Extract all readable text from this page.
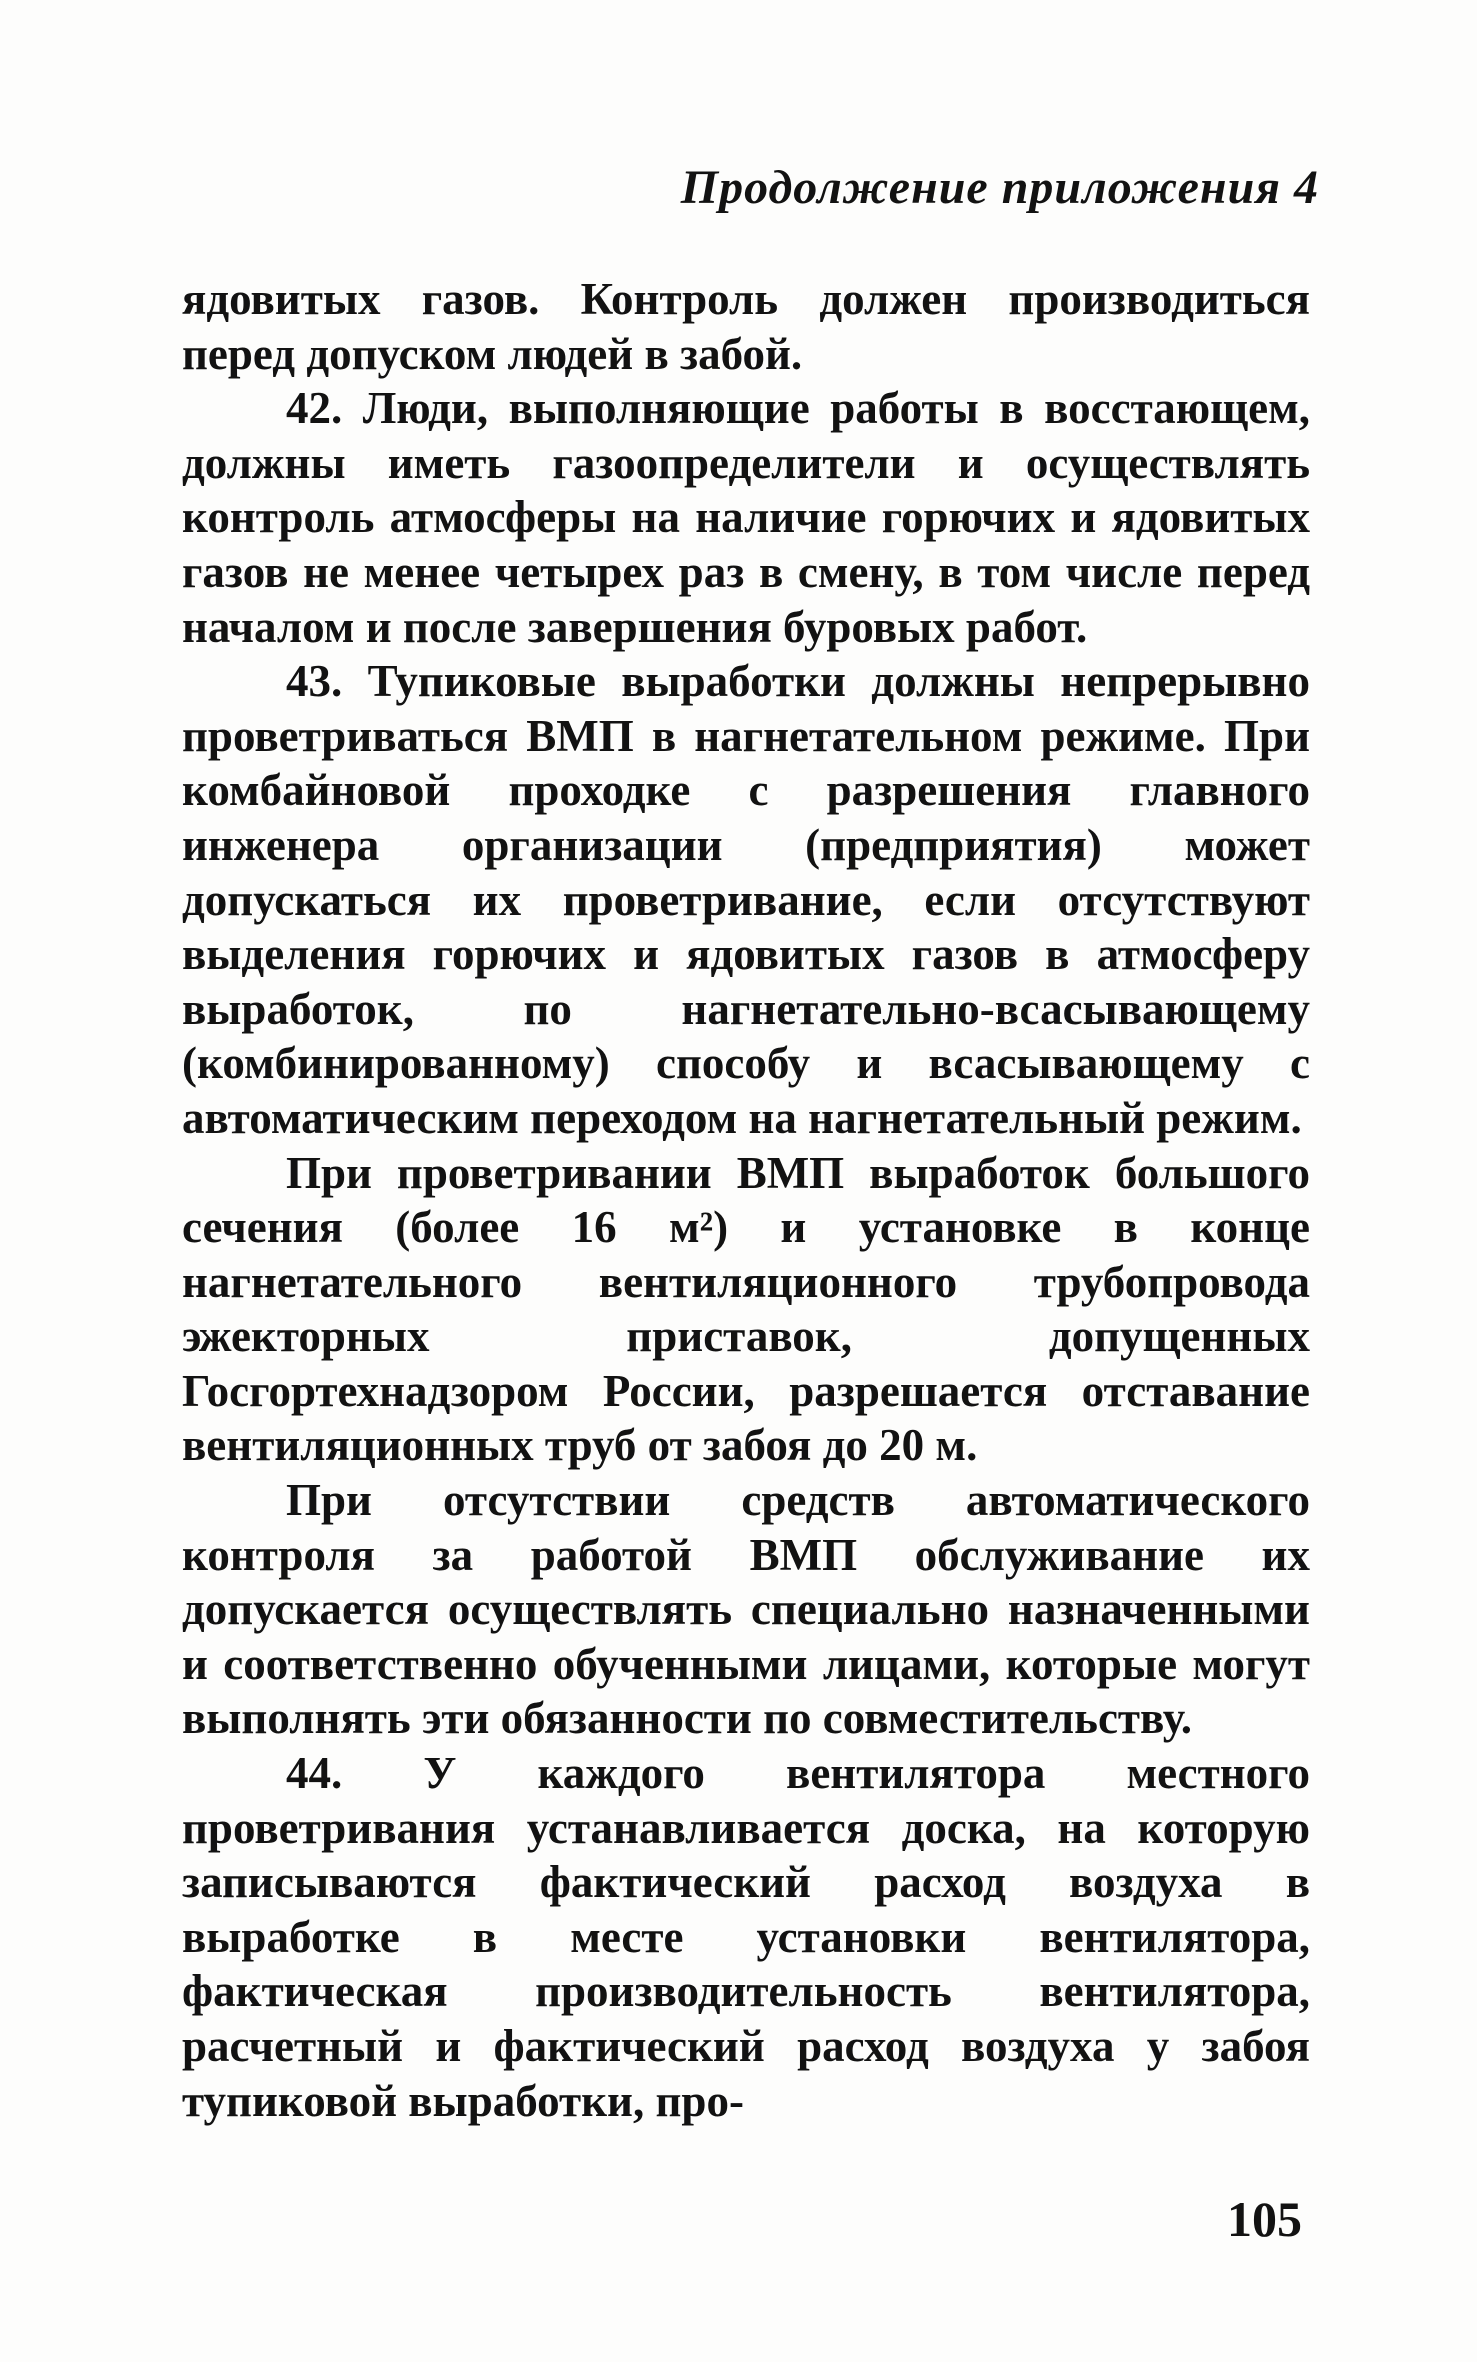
Продолжение приложения 4

ядовитых газов. Контроль должен производиться перед допуском людей в забой.

42. Люди, выполняющие работы в восстающем, должны иметь газоопределители и осуществлять контроль атмосферы на наличие горючих и ядовитых газов не менее четырех раз в смену, в том числе перед началом и после завершения буровых работ.

43. Тупиковые выработки должны непрерывно проветриваться ВМП в нагнетательном режиме. При комбайновой проходке с разрешения главного инженера организации (предприятия) может допускаться их проветривание, если отсутствуют выделения горючих и ядовитых газов в атмосферу выработок, по нагнетательно-всасывающему (комбинированному) способу и всасывающему с автоматическим переходом на нагнетательный режим.

При проветривании ВМП выработок большого сечения (более 16 м²) и установке в конце нагнетательного вентиляционного трубопровода эжекторных приставок, допущенных Госгортехнадзором России, разрешается отставание вентиляционных труб от забоя до 20 м.

При отсутствии средств автоматического контроля за работой ВМП обслуживание их допускается осуществлять специально назначенными и соответственно обученными лицами, которые могут выполнять эти обязанности по совместительству.

44. У каждого вентилятора местного проветривания устанавливается доска, на которую записываются фактический расход воздуха в выработке в месте установки вентилятора, фактическая производительность вентилятора, расчетный и фактический расход воздуха у забоя тупиковой выработки, про-

105
